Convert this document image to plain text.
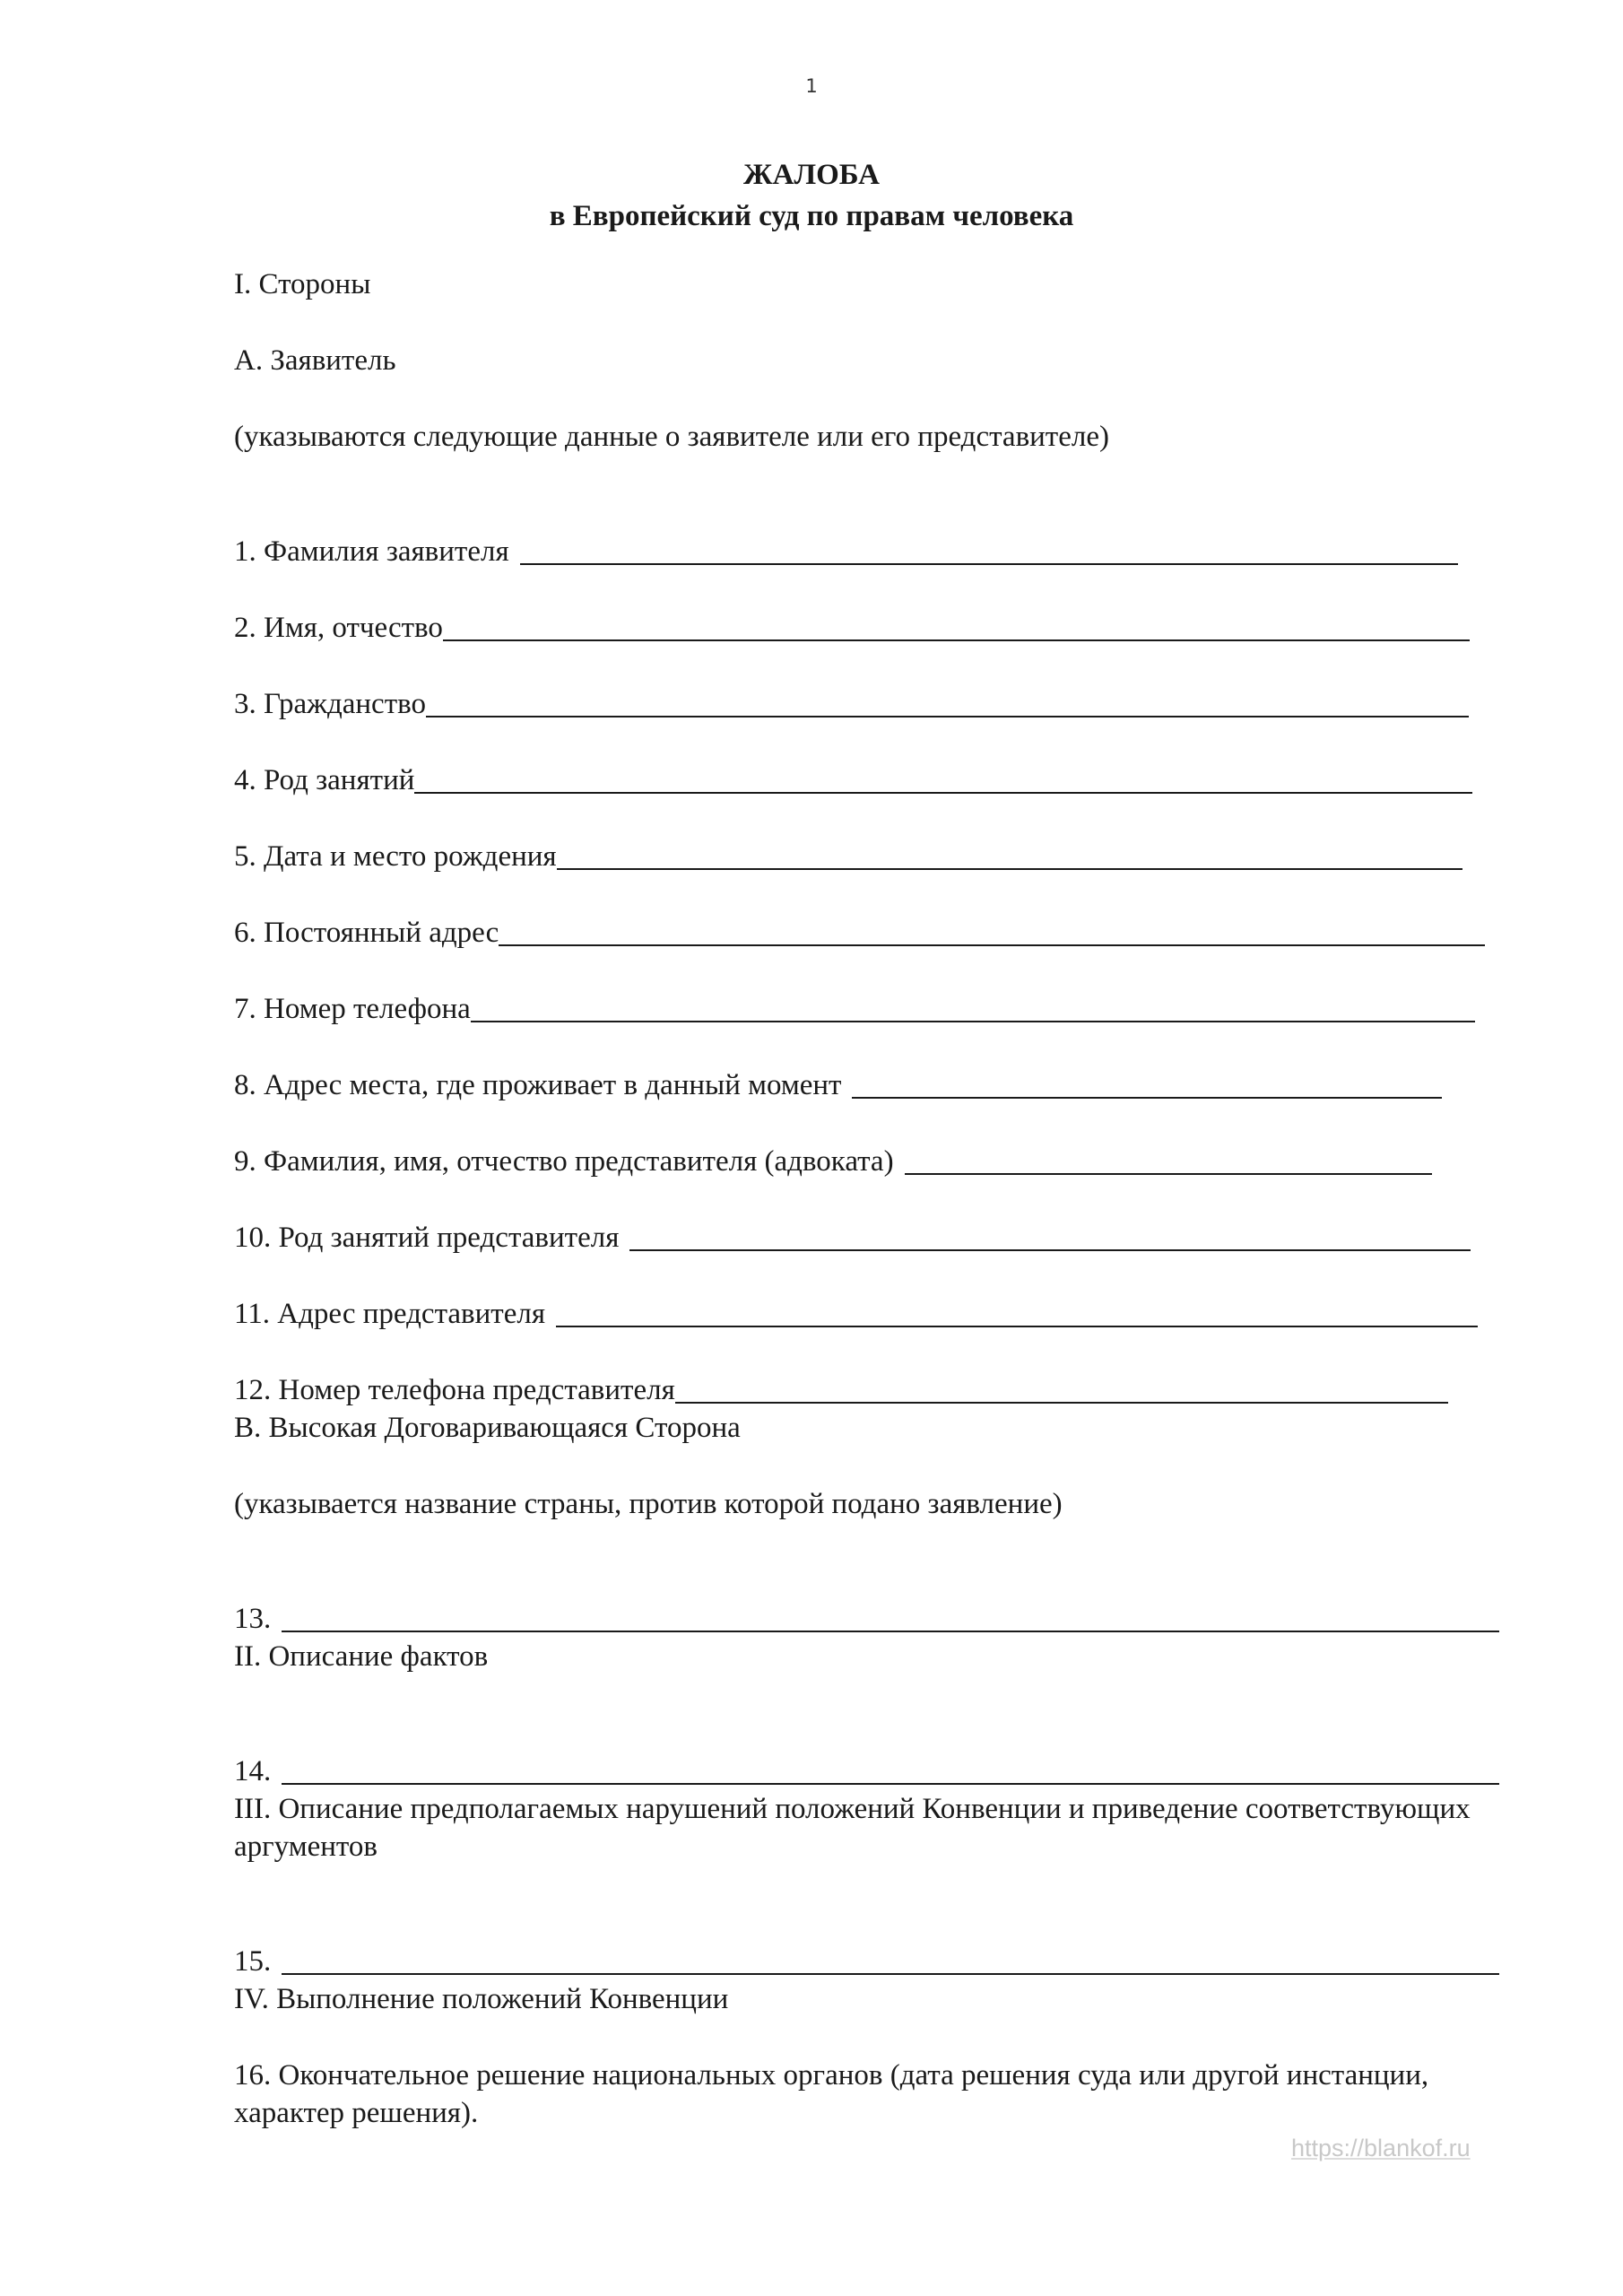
1
ЖАЛОБА
в Европейский суд по правам человека
I. Стороны
A. Заявитель
(указываются следующие данные о заявителе или его представителе)
1. Фамилия заявителя
2. Имя, отчество
3. Гражданство
4. Род занятий
5. Дата и место рождения
6. Постоянный адрес
7. Номер телефона
8. Адрес места, где проживает в данный момент
9. Фамилия, имя, отчество представителя (адвоката)
10. Род занятий представителя
11. Адрес представителя
12. Номер телефона представителя
B. Высокая Договаривающаяся Сторона
(указывается название страны, против которой подано заявление)
13.
II. Описание фактов
14.
III. Описание предполагаемых нарушений положений Конвенции и приведение соответствующих аргументов
15.
IV. Выполнение положений Конвенции
16. Окончательное решение национальных органов (дата решения суда или другой инстанции, характер решения).
https://blankof.ru
